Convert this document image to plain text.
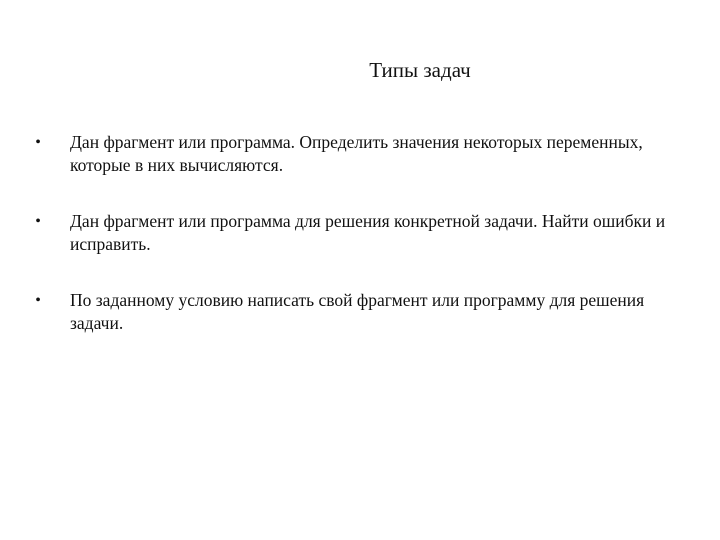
Типы задач
•	Дан фрагмент или программа. Определить значения некоторых переменных, которые в них вычисляются.
•	Дан фрагмент или программа для решения конкретной задачи. Найти ошибки и исправить.
•	По заданному условию написать свой фрагмент или программу для решения задачи.
